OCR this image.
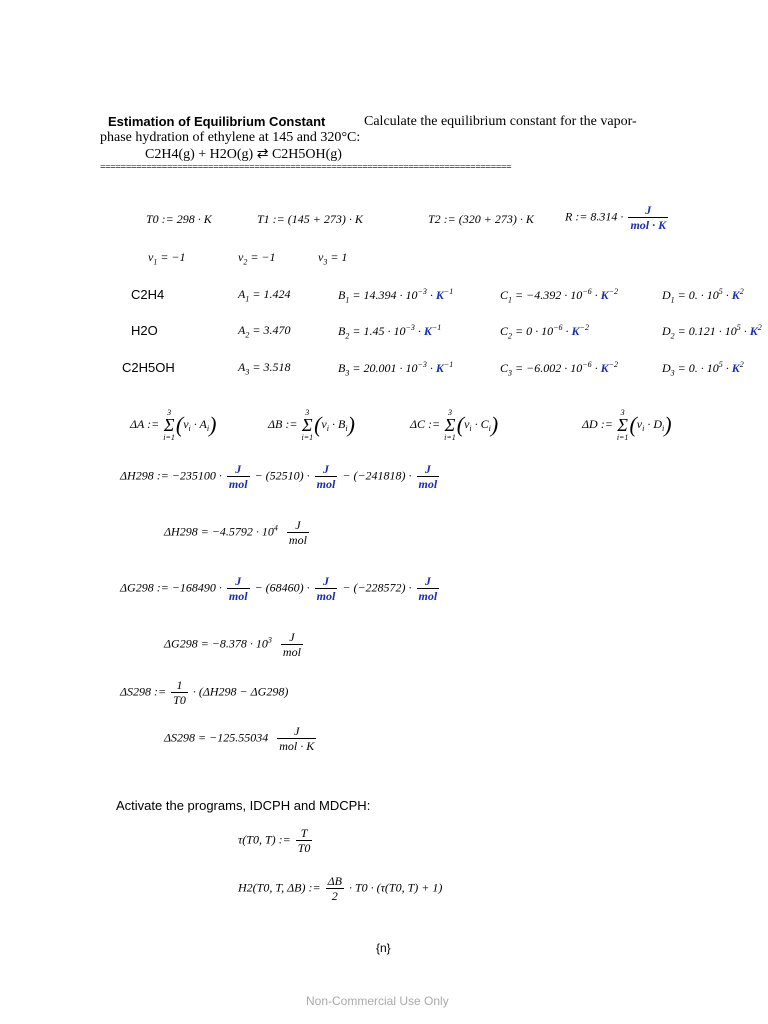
Estimation of Equilibrium Constant	Calculate the equilibrium constant for the vapor-
phase hydration of ethylene at 145 and 320°C:
C2H4(g) + H2O(g) ⇄ C2H5OH(g)
================================================================================
T0 := 298 · K	T1 := (145 + 273) · K	T2 := (320 + 273) · K	R := $8.314 \cdot \frac{J}{\text{mol · K}}$
$\nu_1 = -1$	$\nu_2 = -1$	$\nu_3 = 1$
C2H4	$A_1 = 1.424$	$B_1 = 14.394 \cdot 10^{-3} \cdot K^{-1}$	$C_1 = -4.392 \cdot 10^{-6} \cdot K^{-2}$	$D_1 = 0$. · $10^5 \cdot K^2$
H2O	$A_2 = 3.470$	$B_2 = 1.45 \cdot 10^{-3} \cdot K^{-1}$	$C_2 = 0 \cdot 10^{-6} \cdot K^{-2}$	$D_2 = 0.121 \cdot 10^5 \cdot K^2$
C2H5OH	$A_3 = 3.518$	$B_3 = 20.001 \cdot 10^{-3} \cdot K^{-1}$	$C_3 = -6.002 \cdot 10^{-6} \cdot K^{-2}$	$D_3 = 0$. · $10^5 \cdot K^2$
ΔA := 3
Σ
$i=1(\nu_i \cdot A_i)$	ΔB := 3
Σ
$i=1(\nu_i \cdot B_i)$	ΔC := 3
Σ
$i=1(\nu_i \cdot C_i)$	ΔD := 3
Σ
$i=1(\nu_i \cdot D_i)$
ΔH298 := $-235100 \cdot \frac{J}{\text{mol}} - (52510) \cdot \frac{J}{\text{mol}} - (-241818) \cdot \frac{J}{\text{mol}}$
$\Delta H298 = -4.5792 \cdot 10^4 \frac{J}{\text{mol}}$
ΔG298 := $-168490 \cdot \frac{J}{\text{mol}} - (68460) \cdot \frac{J}{\text{mol}} - (-228572) \cdot \frac{J}{\text{mol}}$
$\Delta G298 = -8.378 \cdot 10^3 \frac{J}{\text{mol}}$
ΔS298 := $\frac{1}{T0} \cdot (\Delta H298 - \Delta G298)$
$\Delta S298 = -125.55034 \frac{J}{\text{mol · K}}$
Activate the programs, IDCPH and MDCPH:
τ(T0, T) := $\frac{T}{T0}$
H2(T0, T, ΔB) := $\frac{\Delta B}{2} \cdot T0 \cdot (\tau(T0$, T) + 1)
{n}
Non-Commercial Use Only
